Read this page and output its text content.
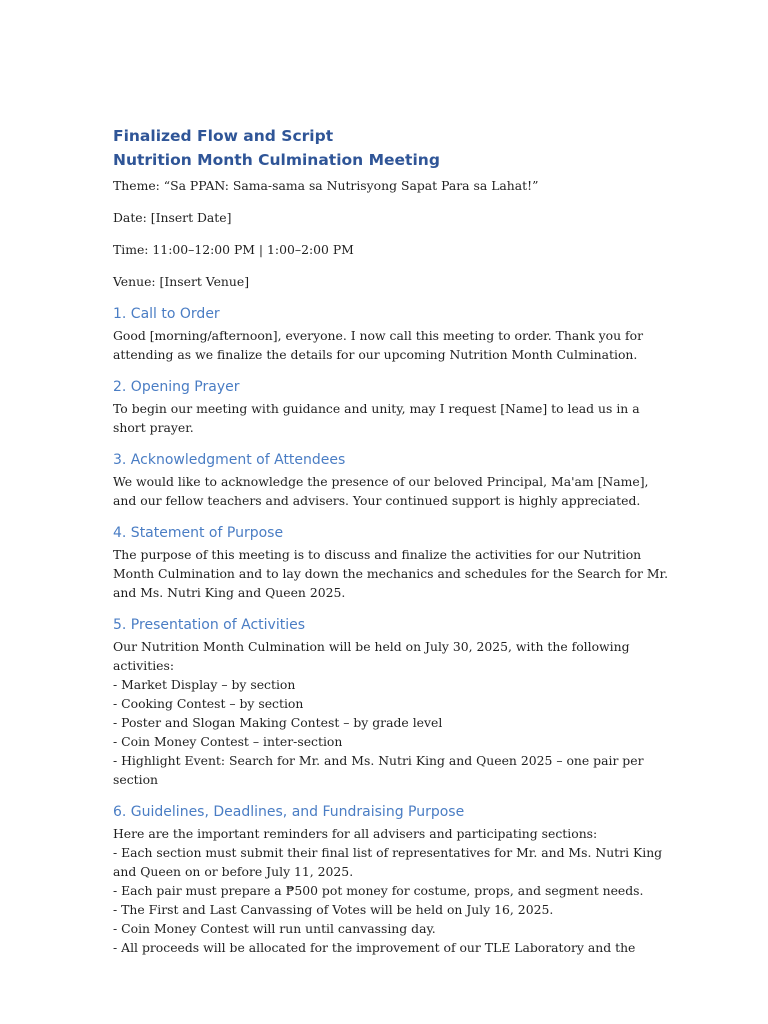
Finalized Flow and Script
Nutrition Month Culmination Meeting

Theme: “Sa PPAN: Sama-sama sa Nutrisyong Sapat Para sa Lahat!”

Date: [Insert Date]

Time: 11:00–12:00 PM | 1:00–2:00 PM

Venue: [Insert Venue]

1. Call to Order

Good [morning/afternoon], everyone. I now call this meeting to order. Thank you for attending as we finalize the details for our upcoming Nutrition Month Culmination.

2. Opening Prayer

To begin our meeting with guidance and unity, may I request [Name] to lead us in a short prayer.

3. Acknowledgment of Attendees

We would like to acknowledge the presence of our beloved Principal, Ma'am [Name], and our fellow teachers and advisers. Your continued support is highly appreciated.

4. Statement of Purpose

The purpose of this meeting is to discuss and finalize the activities for our Nutrition Month Culmination and to lay down the mechanics and schedules for the Search for Mr. and Ms. Nutri King and Queen 2025.

5. Presentation of Activities

Our Nutrition Month Culmination will be held on July 30, 2025, with the following activities:

- Market Display – by section

- Cooking Contest – by section

- Poster and Slogan Making Contest – by grade level

- Coin Money Contest – inter-section

- Highlight Event: Search for Mr. and Ms. Nutri King and Queen 2025 – one pair per section

6. Guidelines, Deadlines, and Fundraising Purpose

Here are the important reminders for all advisers and participating sections:

- Each section must submit their final list of representatives for Mr. and Ms. Nutri King and Queen on or before July 11, 2025.

- Each pair must prepare a ₱500 pot money for costume, props, and segment needs.

- The First and Last Canvassing of Votes will be held on July 16, 2025.

- Coin Money Contest will run until canvassing day.

- All proceeds will be allocated for the improvement of our TLE Laboratory and the
